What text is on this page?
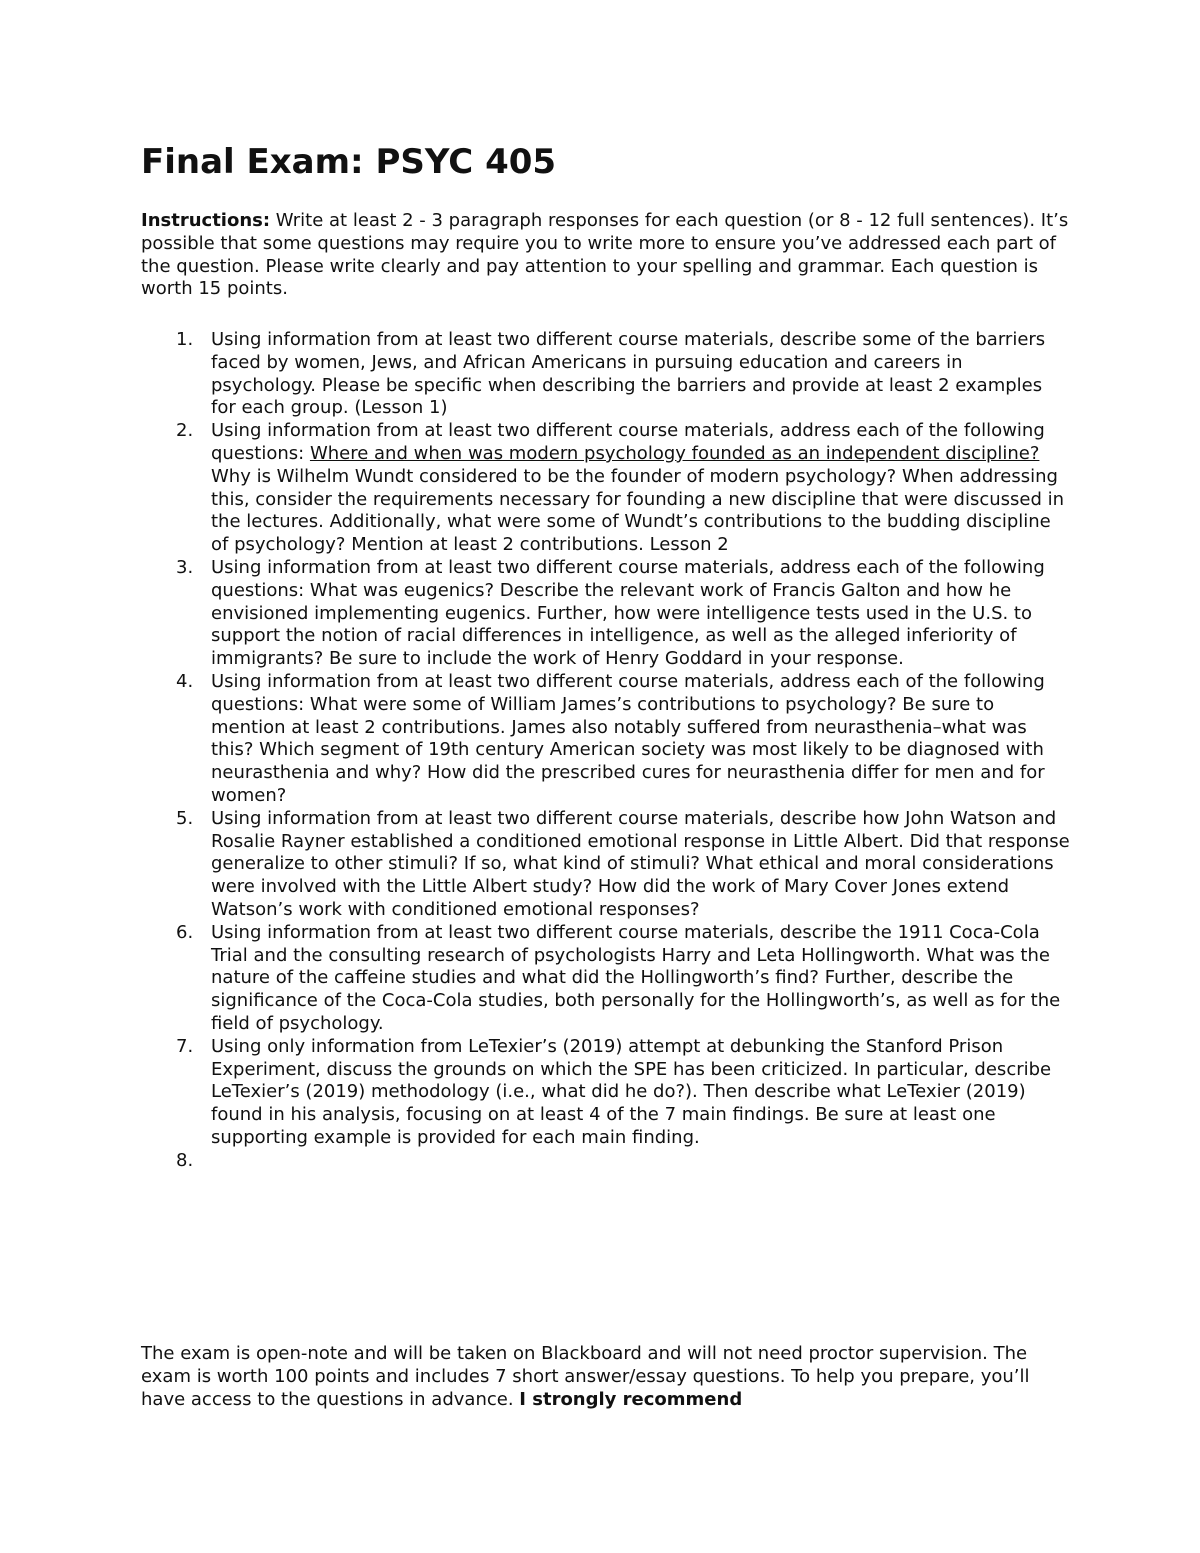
Final Exam: PSYC 405

Instructions: Write at least 2 - 3 paragraph responses for each question (or 8 - 12 full sentences). It’s possible that some questions may require you to write more to ensure you’ve addressed each part of the question. Please write clearly and pay attention to your spelling and grammar. Each question is worth 15 points.

1. Using information from at least two different course materials, describe some of the barriers faced by women, Jews, and African Americans in pursuing education and careers in psychology. Please be specific when describing the barriers and provide at least 2 examples for each group. (Lesson 1)
2. Using information from at least two different course materials, address each of the following questions: Where and when was modern psychology founded as an independent discipline? Why is Wilhelm Wundt considered to be the founder of modern psychology? When addressing this, consider the requirements necessary for founding a new discipline that were discussed in the lectures. Additionally, what were some of Wundt’s contributions to the budding discipline of psychology? Mention at least 2 contributions. Lesson 2
3. Using information from at least two different course materials, address each of the following questions: What was eugenics? Describe the relevant work of Francis Galton and how he envisioned implementing eugenics. Further, how were intelligence tests used in the U.S. to support the notion of racial differences in intelligence, as well as the alleged inferiority of immigrants? Be sure to include the work of Henry Goddard in your response.
4. Using information from at least two different course materials, address each of the following questions: What were some of William James’s contributions to psychology? Be sure to mention at least 2 contributions. James also notably suffered from neurasthenia–what was this? Which segment of 19th century American society was most likely to be diagnosed with neurasthenia and why? How did the prescribed cures for neurasthenia differ for men and for women?
5. Using information from at least two different course materials, describe how John Watson and Rosalie Rayner established a conditioned emotional response in Little Albert. Did that response generalize to other stimuli? If so, what kind of stimuli? What ethical and moral considerations were involved with the Little Albert study? How did the work of Mary Cover Jones extend Watson’s work with conditioned emotional responses?
6. Using information from at least two different course materials, describe the 1911 Coca-Cola Trial and the consulting research of psychologists Harry and Leta Hollingworth. What was the nature of the caffeine studies and what did the Hollingworth’s find? Further, describe the significance of the Coca-Cola studies, both personally for the Hollingworth’s, as well as for the field of psychology.
7. Using only information from LeTexier’s (2019) attempt at debunking the Stanford Prison Experiment, discuss the grounds on which the SPE has been criticized. In particular, describe LeTexier’s (2019) methodology (i.e., what did he do?). Then describe what LeTexier (2019) found in his analysis, focusing on at least 4 of the 7 main findings. Be sure at least one supporting example is provided for each main finding.
8.

The exam is open-note and will be taken on Blackboard and will not need proctor supervision. The exam is worth 100 points and includes 7 short answer/essay questions. To help you prepare, you’ll have access to the questions in advance. I strongly recommend
